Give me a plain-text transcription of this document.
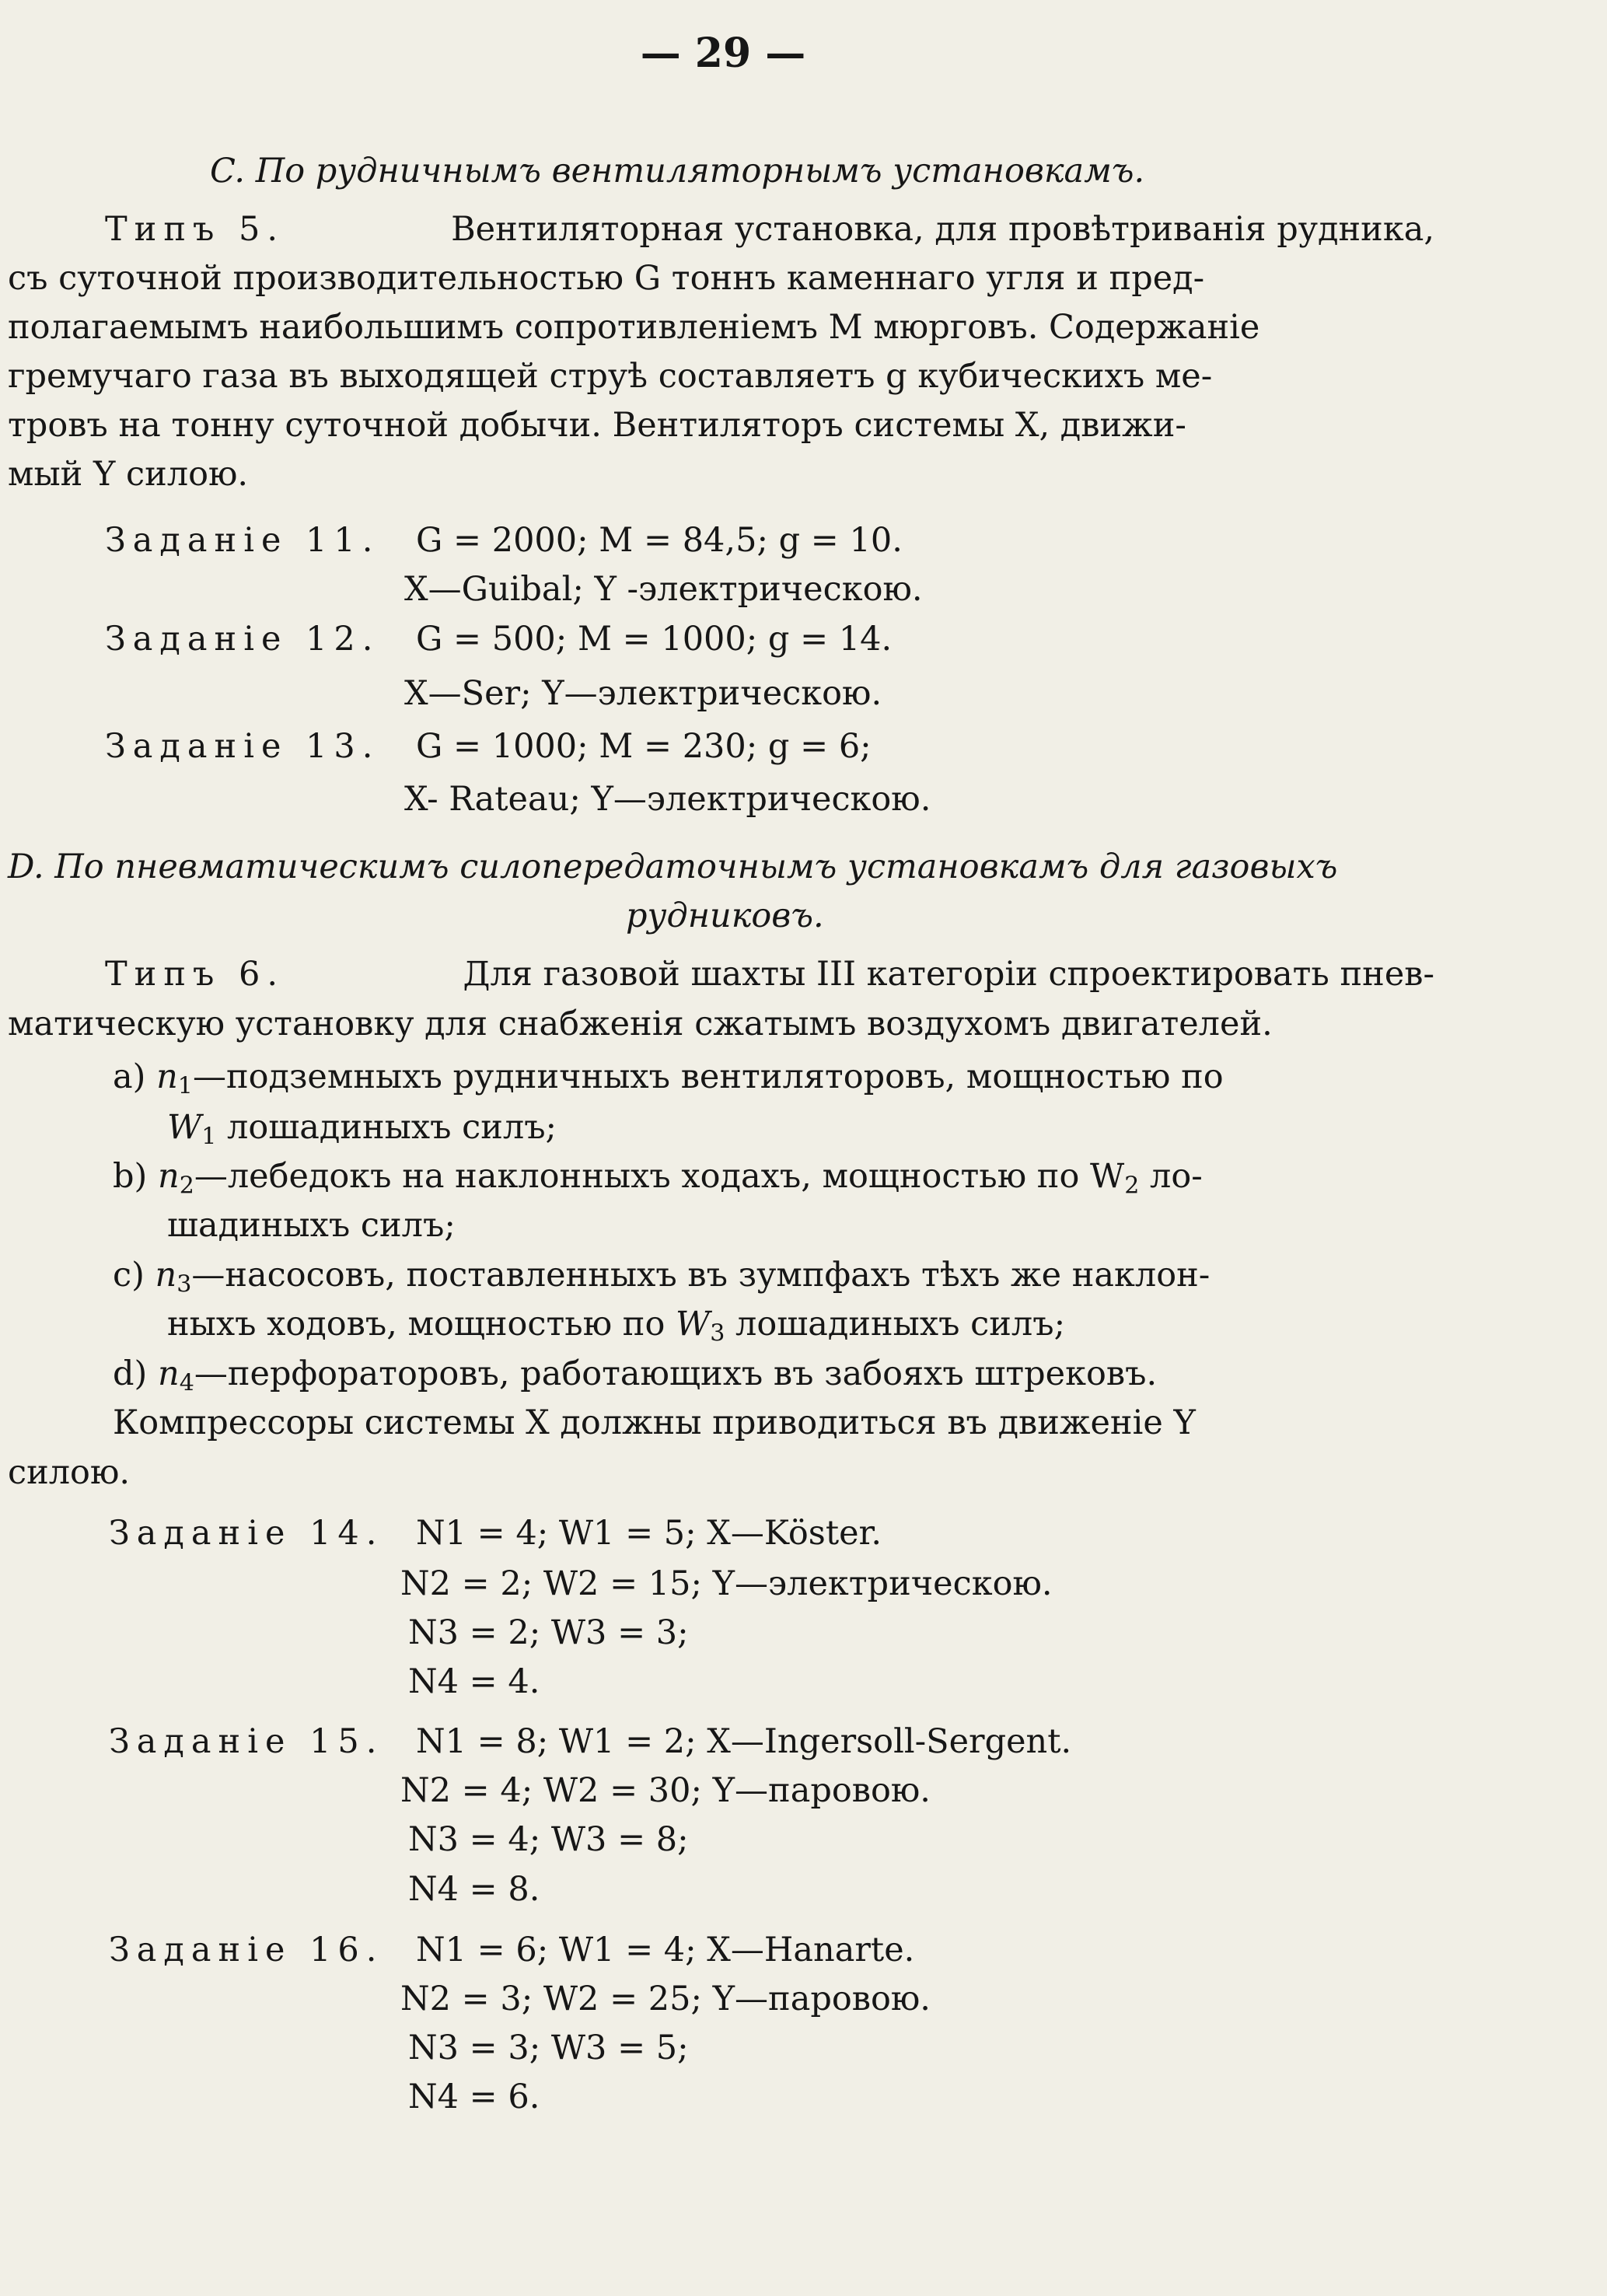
— 29 —
C. По рудничнымъ вентиляторнымъ установкамъ.
Типъ 5.	Вентиляторная установка, для провѣтриванія рудника,
съ суточной производительностью G тоннъ каменнаго угля и пред-
полагаемымъ наибольшимъ сопротивленіемъ M мюрговъ. Содержаніе
гремучаго газа въ выходящей струѣ составляетъ g кубическихъ ме-
тровъ на тонну суточной добычи. Вентиляторъ системы X, движи-
мый Y силою.
Заданіе 11. G = 2000; M = 84,5; g = 10.
X—Guibal; Y -электрическою.
Заданіе 12. G = 500; M = 1000; g = 14.
X—Ser; Y—электрическою.
Заданіе 13. G = 1000; M = 230; g = 6;
X- Rateau; Y—электрическою.
D. По пневматическимъ силопередаточнымъ установкамъ для газовыхъ
рудниковъ.
Типъ 6.	Для газовой шахты III категоріи спроектировать пнев-
матическую установку для снабженія сжатымъ воздухомъ двигателей.
a) $n_1—подземныхъ$ рудничныхъ вентиляторовъ, мощностью по
$W_1$ лошадиныхъ силъ;
b) $n_2—лебедокъ$ на наклонныхъ ходахъ, мощностью по $W_2$ ло-
шадиныхъ силъ;
c) $n_3—насосовъ$, поставленныхъ въ зумпфахъ тѣхъ же наклон-
ныхъ ходовъ, мощностью по $W_3$ лошадиныхъ силъ;
d) $n_4—перфораторовъ$, работающихъ въ забояхъ штрековъ.
Компрессоры системы X должны приводиться въ движеніе Y
силою.
Заданіе 14. N1 = 4; W1 = 5; X—Köster.
N2 = 2; W2 = 15; Y—электрическою.
N3 = 2; W3 = 3;
N4 = 4.
Заданіе 15. N1 = 8; W1 = 2; X—Ingersoll-Sergent.
N2 = 4; W2 = 30; Y—паровою.
N3 = 4; W3 = 8;
N4 = 8.
Заданіе 16. N1 = 6; W1 = 4; X—Hanarte.
N2 = 3; W2 = 25; Y—паровою.
N3 = 3; W3 = 5;
N4 = 6.
